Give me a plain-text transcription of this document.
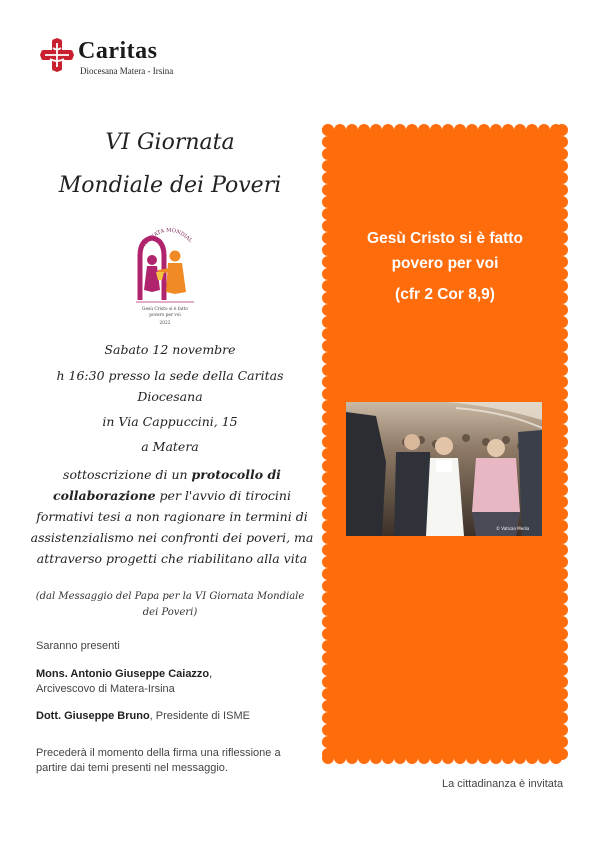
Caritas
Diocesana Matera - Irsina
VI Giornata
Mondiale dei Poveri
GIORNATA MONDIAL
Gesù Cristo si è fatto
povero per voi
2022
Sabato 12 novembre
h 16:30 presso la sede della Caritas
Diocesana
in Via Cappuccini, 15
a Matera
sottoscrizione di un protocollo di collaborazione per l'avvio di tirocini formativi tesi a non ragionare in termini di assistenzialismo nei confronti dei poveri, ma attraverso progetti che riabilitano alla vita
(dal Messaggio del Papa per la VI Giornata Mondiale dei Poveri)
Saranno presenti
Mons. Antonio Giuseppe Caiazzo,
Arcivescovo di Matera-Irsina
Dott. Giuseppe Bruno, Presidente di ISME
Precederà il momento della firma una riflessione a partire dai temi presenti nel messaggio.
La cittadinanza è invitata
Gesù Cristo si è fatto
povero per voi
(cfr 2 Cor 8,9)
© Vatican Media
